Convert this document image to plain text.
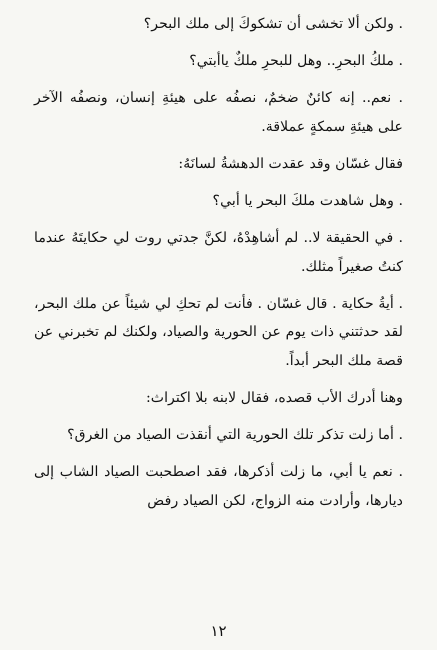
. ولكن ألا تخشى أن تشكوكَ إلى ملك البحر؟

. ملكُ البحرِ.. وهل للبحرِ ملكٌ ياأبتي؟

. نعم.. إنه كائنٌ ضخمٌ، نصفُه على هيئةِ إنسان، ونصفُه الآخر على هيئةِ سمكةٍ عملاقة.

فقال غسّان وقد عقدت الدهشةُ لسانَهُ:

. وهل شاهدت ملكَ البحر يا أبي؟

. في الحقيقة لا.. لم أشاهِدْهُ، لكنَّ جدتي روت لي حكايتَهُ عندما كنتُ صغيراً مثلك.

. أيةُ حكاية . قال غسّان . فأنت لم تحكِ لي شيئاً عن ملك البحر، لقد حدثتني ذات يوم عن الحورية والصياد، ولكنك لم تخبرني عن قصة ملك البحر أبداً.

وهنا أدرك الأب قصده، فقال لابنه بلا اكتراث:

. أما زلت تذكر تلك الحورية التي أنقذت الصياد من الغرق؟

. نعم يا أبي، ما زلت أذكرها، فقد اصطحبت الصياد الشاب إلى ديارها، وأرادت منه الزواج، لكن الصياد رفض

١٢
